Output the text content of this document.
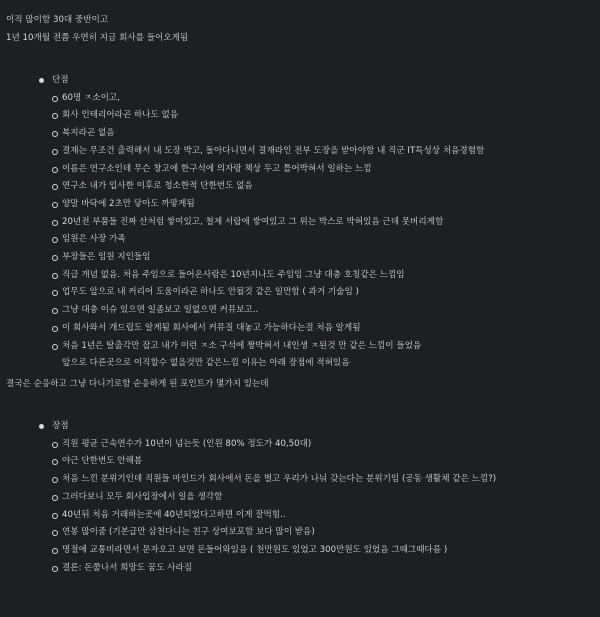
이직 많이함 30대 중반이고
1년 10개월 전쯤 우연히 지금 회사를 들어오게됨
단점
60명 ㅈ소이고,
회사 인테리어라곤 하나도 없음
복지라곤 없음
결재는 무조건 출력해서 내 도장 박고, 돌아다니면서 결재라인 전부 도장을 받아야함 내 직군 IT특성상 처음경험함
이름은 연구소인데 무슨 창고에 한구석에 의자랑 책상 두고 틀어박혀서 일하는 느낌
연구소 내가 입사한 이후로 청소한적 단한번도 없음
양말 바닥에 2초만 닿아도 까맣게됨
20년전 부품들 진짜 산처럼 쌓여있고, 철제 서랍에 쌓여있고 그 위는 박스로 박혀있음 근데 못버리게함
임원은 사장 가족
부장들은 임원 지인들임
직급 개념 없음. 처음 주임으로 들어온사람은 10년지나도 주임임 그냥 대충 호칭같은 느낌임
업무도 앞으로 내 커리어 도움이라곤 하나도 안될것 같은 일만함 ( 과거 기술임 )
그냥 대충 이슈 있으면 일좀보고 일없으면 커뮤보고..
이 회사와서 개드립도 알게됨 회사에서 커뮤질 대놓고 가능하다는걸 처음 알게됨
처음 1년은 탈출각만 잡고 내가 이런 ㅈ소 구석에 짱박혀서 내인생 ㅈ된것 만 같은 느낌이 들었음
앞으로 다른곳으로 이직할수 없을것만 같은느낌 이유는 아래 장점에 적혀있음
결국은 순응하고 그냥 다니기로함 순응하게 된 포인트가 몇가지 있는데
장점
직원 평균 근속연수가 10년이 넘는듯 (인원 80% 정도가 40,50대)
야근 단한번도 안해봄
처음 느낀 분위기인데 직원들 마인드가 회사에서 돈을 벌고 우리가 나눠 갖는다는 분위기임 (공동 생활체 같은 느낌?)
그러다보니 모두 회사입장에서 일을 생각함
40년뒤 처음 거래하는곳에 40년되었다고하면 이게 잘먹힘..
연봉 많이줌 (기본급만 삼천다니는 친구 상여보포함 보다 많이 받음)
명절에 교통비라면서 문자오고 보면 돈들어와있음 ( 천만원도 있었고 300만원도 있었음 그때그때다름 )
결론: 돈쭐나서 희망도 꿈도 사라짐
